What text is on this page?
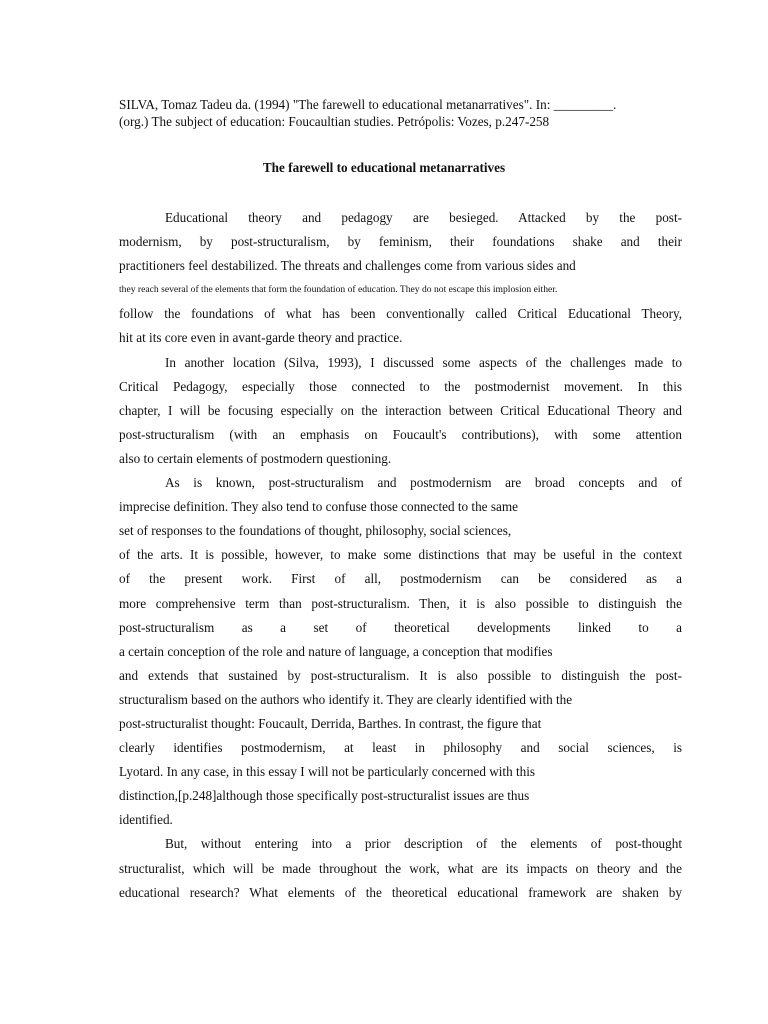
SILVA, Tomaz Tadeu da. (1994) "The farewell to educational metanarratives". In: _________.
(org.) The subject of education: Foucaultian studies. Petrópolis: Vozes, p.247-258
The farewell to educational metanarratives
Educational theory and pedagogy are besieged. Attacked by the post-
modernism, by post-structuralism, by feminism, their foundations shake and their
practitioners feel destabilized. The threats and challenges come from various sides and
they reach several of the elements that form the foundation of education. They do not escape this implosion either.
follow the foundations of what has been conventionally called Critical Educational Theory,
hit at its core even in avant-garde theory and practice.
In another location (Silva, 1993), I discussed some aspects of the challenges made to
Critical Pedagogy, especially those connected to the postmodernist movement. In this
chapter, I will be focusing especially on the interaction between Critical Educational Theory and
post-structuralism (with an emphasis on Foucault's contributions), with some attention
also to certain elements of postmodern questioning.
As is known, post-structuralism and postmodernism are broad concepts and of
imprecise definition. They also tend to confuse those connected to the same
set of responses to the foundations of thought, philosophy, social sciences,
of the arts. It is possible, however, to make some distinctions that may be useful in the context
of the present work. First of all, postmodernism can be considered as a
more comprehensive term than post-structuralism. Then, it is also possible to distinguish the
post-structuralism as a set of theoretical developments linked to a
a certain conception of the role and nature of language, a conception that modifies
and extends that sustained by post-structuralism. It is also possible to distinguish the post-
structuralism based on the authors who identify it. They are clearly identified with the
post-structuralist thought: Foucault, Derrida, Barthes. In contrast, the figure that
clearly identifies postmodernism, at least in philosophy and social sciences, is
Lyotard. In any case, in this essay I will not be particularly concerned with this
distinction,[p.248]although those specifically post-structuralist issues are thus
identified.
But, without entering into a prior description of the elements of post-thought
structuralist, which will be made throughout the work, what are its impacts on theory and the
educational research? What elements of the theoretical educational framework are shaken by
